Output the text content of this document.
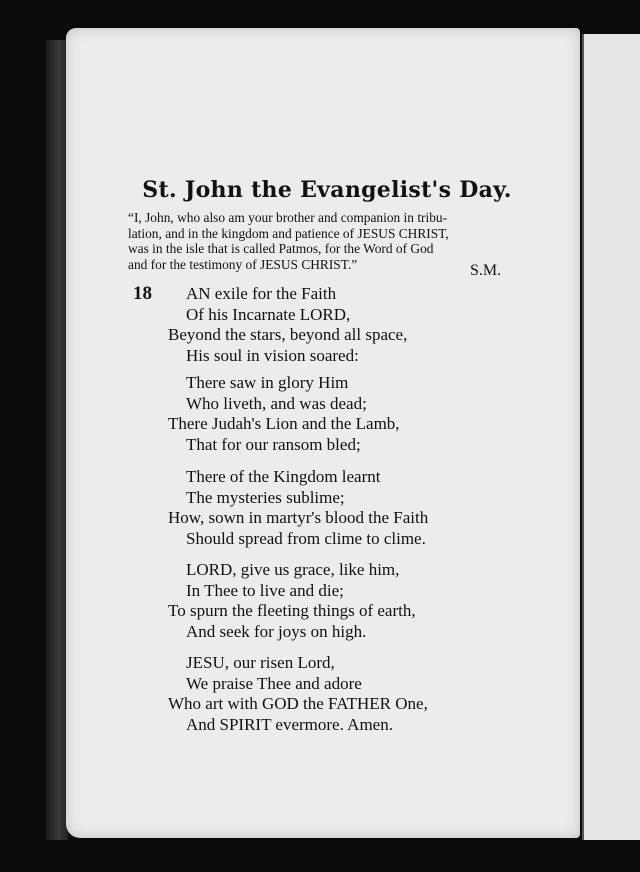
St. John the Evangelist's Day.
“I, John, who also am your brother and companion in tribu-
lation, and in the kingdom and patience of JESUS CHRIST,
was in the isle that is called Patmos, for the Word of God
and for the testimony of JESUS CHRIST.”	S.M.
18	AN exile for the Faith
Of his Incarnate LORD,
Beyond the stars, beyond all space,
His soul in vision soared:
There saw in glory Him
Who liveth, and was dead;
There Judah's Lion and the Lamb,
That for our ransom bled;
There of the Kingdom learnt
The mysteries sublime;
How, sown in martyr's blood the Faith
Should spread from clime to clime.
LORD, give us grace, like him,
In Thee to live and die;
To spurn the fleeting things of earth,
And seek for joys on high.
JESU, our risen Lord,
We praise Thee and adore
Who art with GOD the FATHER One,
And SPIRIT evermore. Amen.
